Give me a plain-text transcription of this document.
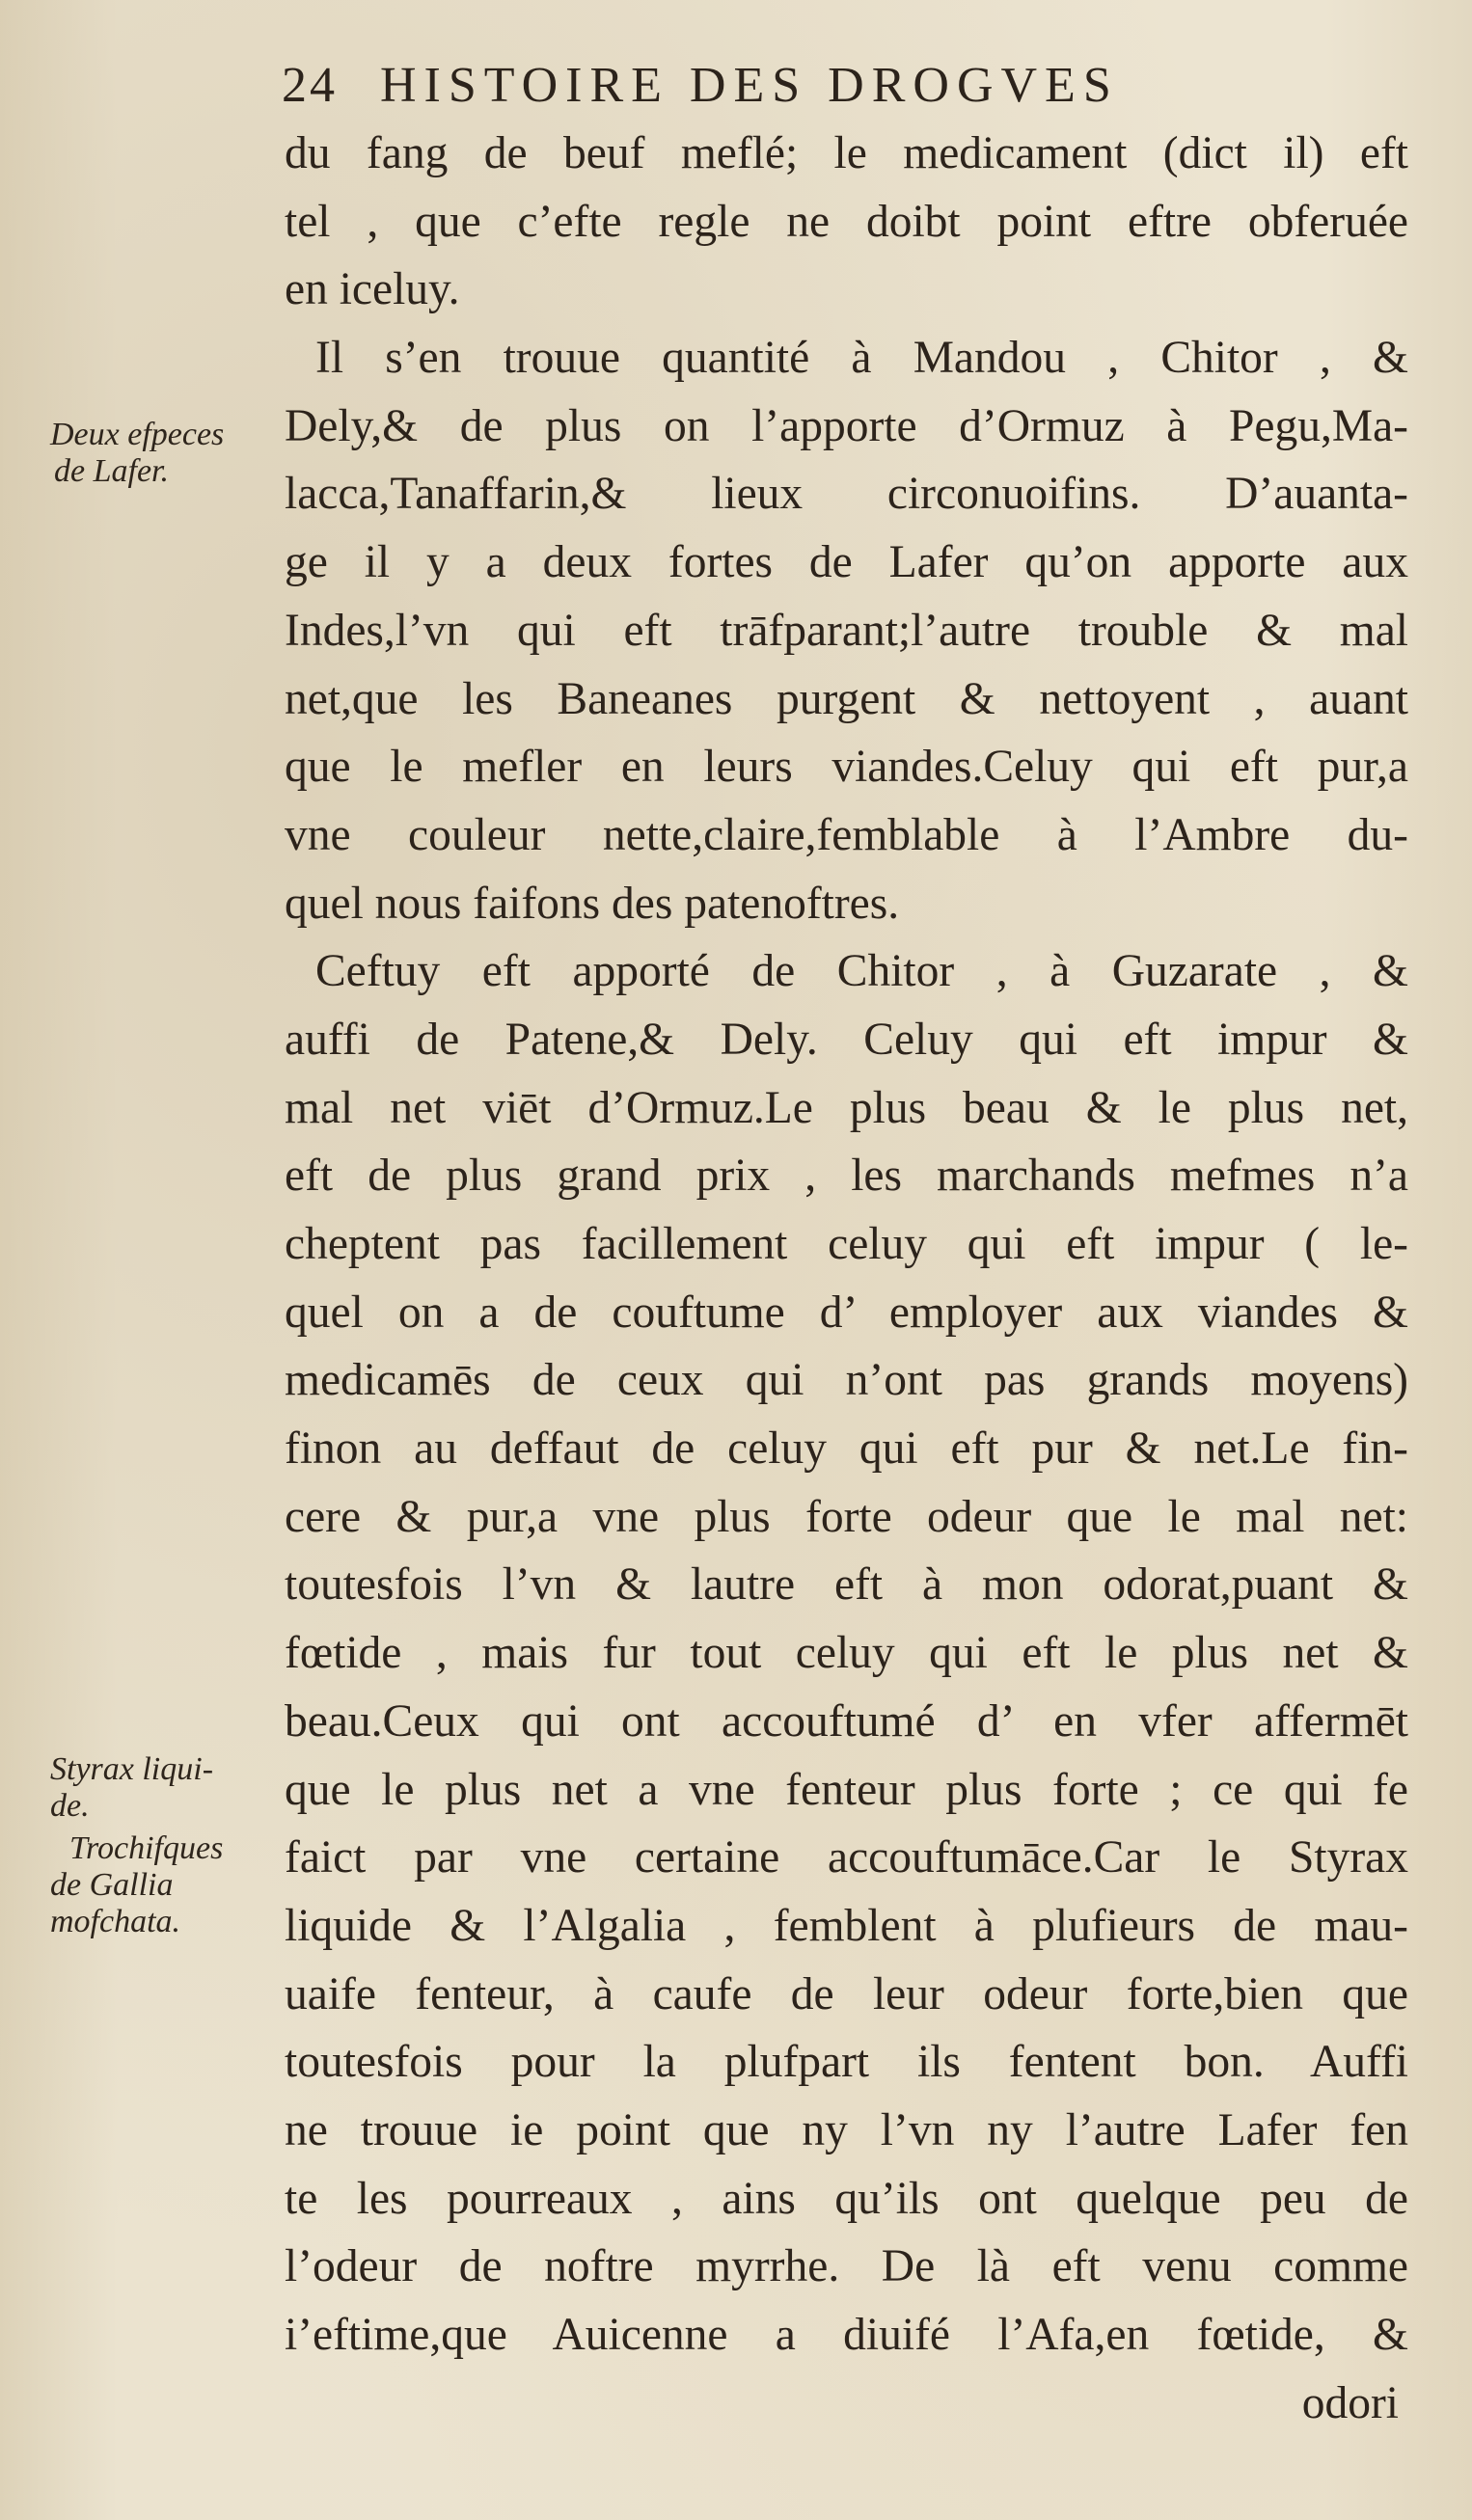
24 HISTOIRE DES DROGVES
Deux efpeces
de Lafer.
Styrax liqui-
de.
Trochifques
de Gallia
mofchata.
du fang de beuf meflé; le medicament (dict il) eft
tel , que c’efte regle ne doibt point eftre obferuée
en iceluy.
Il s’en trouue quantité à Mandou , Chitor , &
Dely,& de plus on l’apporte d’Ormuz à Pegu,Ma-
lacca,Tanaffarin,& lieux circonuoifins. D’auanta-
ge il y a deux fortes de Lafer qu’on apporte aux
Indes,l’vn qui eft trāfparant;l’autre trouble & mal
net,que les Baneanes purgent & nettoyent , auant
que le mefler en leurs viandes.Celuy qui eft pur,a
vne couleur nette,claire,femblable à l’Ambre du-
quel nous faifons des patenoftres.
Ceftuy eft apporté de Chitor , à Guzarate , &
auffi de Patene,& Dely. Celuy qui eft impur &
mal net viēt d’Ormuz.Le plus beau & le plus net,
eft de plus grand prix , les marchands mefmes n’a
cheptent pas facillement celuy qui eft impur ( le-
quel on a de couftume d’ employer aux viandes &
medicamēs de ceux qui n’ont pas grands moyens)
finon au deffaut de celuy qui eft pur & net.Le fin-
cere & pur,a vne plus forte odeur que le mal net:
toutesfois l’vn & lautre eft à mon odorat,puant &
fœtide , mais fur tout celuy qui eft le plus net &
beau.Ceux qui ont accouftumé d’ en vfer affermēt
que le plus net a vne fenteur plus forte ; ce qui fe
faict par vne certaine accouftumāce.Car le Styrax
liquide & l’Algalia , femblent à plufieurs de mau-
uaife fenteur, à caufe de leur odeur forte,bien que
toutesfois pour la plufpart ils fentent bon. Auffi
ne trouue ie point que ny l’vn ny l’autre Lafer fen
te les pourreaux , ains qu’ils ont quelque peu de
l’odeur de noftre myrrhe. De là eft venu comme
i’eftime,que Auicenne a diuifé l’Afa,en fœtide, &
odori
